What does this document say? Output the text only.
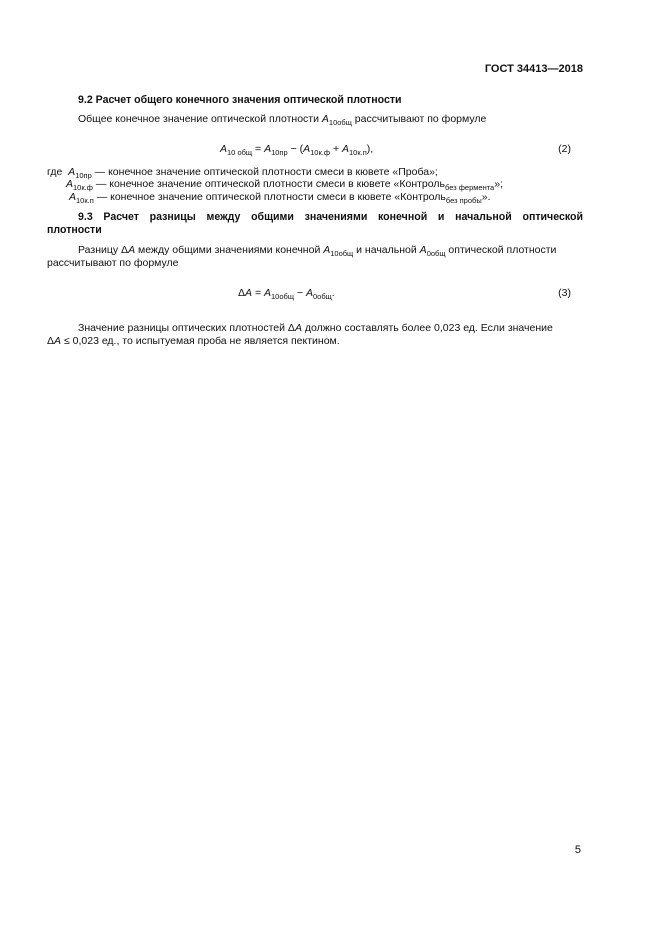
ГОСТ 34413—2018
9.2 Расчет общего конечного значения оптической плотности
Общее конечное значение оптической плотности $A_{10общ}$ рассчитывают по формуле
$A_{10 общ} = A_{10пр} - (A_{10к.ф} + A_{10к.п})$,	(2)
где $A_{10пр}$ — конечное значение оптической плотности смеси в кювете «Проба»;
$A_{10к.ф}$ — конечное значение оптической плотности смеси в кювете «Контроль$_{без фермента}$»;
$A_{10к.п}$ — конечное значение оптической плотности смеси в кювете «Контроль$_{без пробы}$».
9.3 Расчет разницы между общими значениями конечной и начальной оптической
плотности
Разницу ΔA между общими значениями конечной $A_{10общ}$ и начальной $A_{0общ}$ оптической плотности
рассчитывают по формуле
$\Delta A = A_{10общ} - A_{0общ}$.	(3)
Значение разницы оптических плотностей ΔA должно составлять более 0,023 ед. Если значение
ΔA ≤ 0,023 ед., то испытуемая проба не является пектином.
5
